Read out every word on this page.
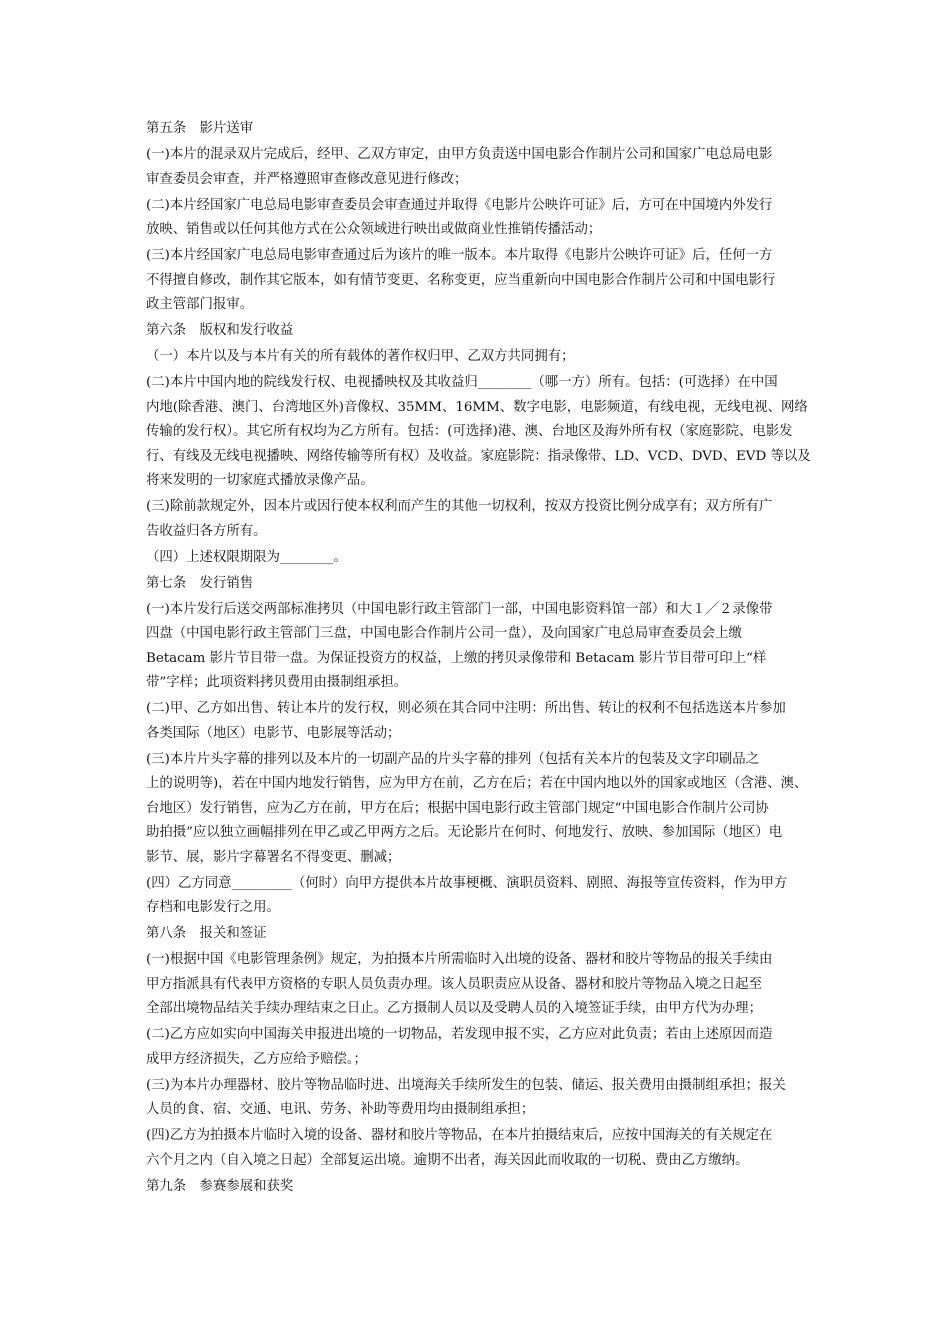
第五条　影片送审
(一)本片的混录双片完成后，经甲、乙双方审定，由甲方负责送中国电影合作制片公司和国家广电总局电影
审查委员会审查，并严格遵照审查修改意见进行修改；
(二)本片经国家广电总局电影审查委员会审查通过并取得《电影片公映许可证》后，方可在中国境内外发行
放映、销售或以任何其他方式在公众领域进行映出或做商业性推销传播活动；
(三)本片经国家广电总局电影审查通过后为该片的唯一版本。本片取得《电影片公映许可证》后，任何一方
不得擅自修改，制作其它版本，如有情节变更、名称变更，应当重新向中国电影合作制片公司和中国电影行
政主管部门报审。
第六条　版权和发行收益
（一）本片以及与本片有关的所有载体的著作权归甲、乙双方共同拥有；
(二)本片中国内地的院线发行权、电视播映权及其收益归________（哪一方）所有。包括：(可选择）在中国
内地(除香港、澳门、台湾地区外)音像权、35MM、16MM、数字电影，电影频道，有线电视，无线电视、网络
传输的发行权）。其它所有权均为乙方所有。包括：(可选择)港、澳、台地区及海外所有权（家庭影院、电影发
行、有线及无线电视播映、网络传输等所有权）及收益。家庭影院：指录像带、LD、VCD、DVD、EVD 等以及
将来发明的一切家庭式播放录像产品。
(三)除前款规定外，因本片或因行使本权利而产生的其他一切权利，按双方投资比例分成享有；双方所有广
告收益归各方所有。
（四）上述权限期限为________。
第七条　发行销售
(一)本片发行后送交两部标准拷贝（中国电影行政主管部门一部，中国电影资料馆一部）和大１／２录像带
四盘（中国电影行政主管部门三盘，中国电影合作制片公司一盘），及向国家广电总局审查委员会上缴
Betacam 影片节目带一盘。为保证投资方的权益，上缴的拷贝录像带和 Betacam 影片节目带可印上“样
带”字样；此项资料拷贝费用由摄制组承担。
(二)甲、乙方如出售、转让本片的发行权，则必须在其合同中注明：所出售、转让的权利不包括选送本片参加
各类国际（地区）电影节、电影展等活动；
(三)本片片头字幕的排列以及本片的一切副产品的片头字幕的排列（包括有关本片的包装及文字印刷品之
上的说明等)，若在中国内地发行销售，应为甲方在前，乙方在后；若在中国内地以外的国家或地区（含港、澳、
台地区）发行销售，应为乙方在前，甲方在后；根据中国电影行政主管部门规定“中国电影合作制片公司协
助拍摄”应以独立画幅排列在甲乙或乙甲两方之后。无论影片在何时、何地发行、放映、参加国际（地区）电
影节、展，影片字幕署名不得变更、删减；
(四）乙方同意_________（何时）向甲方提供本片故事梗概、演职员资料、剧照、海报等宣传资料，作为甲方
存档和电影发行之用。
第八条　报关和签证
(一)根据中国《电影管理条例》规定，为拍摄本片所需临时入出境的设备、器材和胶片等物品的报关手续由
甲方指派具有代表甲方资格的专职人员负责办理。该人员职责应从设备、器材和胶片等物品入境之日起至
全部出境物品结关手续办理结束之日止。乙方摄制人员以及受聘人员的入境签证手续，由甲方代为办理；
(二)乙方应如实向中国海关申报进出境的一切物品，若发现申报不实，乙方应对此负责；若由上述原因而造
成甲方经济损失，乙方应给予赔偿。；
(三)为本片办理器材、胶片等物品临时进、出境海关手续所发生的包装、储运、报关费用由摄制组承担；报关
人员的食、宿、交通、电讯、劳务、补助等费用均由摄制组承担；
(四)乙方为拍摄本片临时入境的设备、器材和胶片等物品，在本片拍摄结束后，应按中国海关的有关规定在
六个月之内（自入境之日起）全部复运出境。逾期不出者，海关因此而收取的一切税、费由乙方缴纳。
第九条　参赛参展和获奖
